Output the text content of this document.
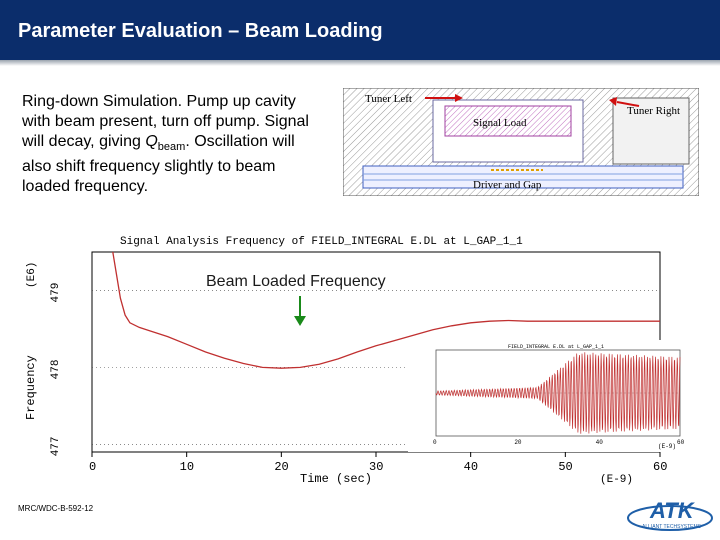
Parameter Evaluation – Beam Loading
Ring-down Simulation. Pump up cavity with beam present, turn off pump. Signal will decay, giving $Q_{beam}$. Oscillation will also shift frequency slightly to beam loaded frequency.
Tuner Left
Tuner Right
Signal Load
Driver and Gap
Signal Analysis Frequency of FIELD_INTEGRAL E.DL at L_GAP_1_1
477
478
479
0	10	20	30	40	50	60
(E6)
Frequency
Time (sec)	(E-9)
Beam Loaded Frequency
FIELD_INTEGRAL E.DL at L_GAP_1_1
0	20	40	60
(E-9)
MRC/WDC-B-592-12	ATK
ALLIANT TECHSYSTEMS
